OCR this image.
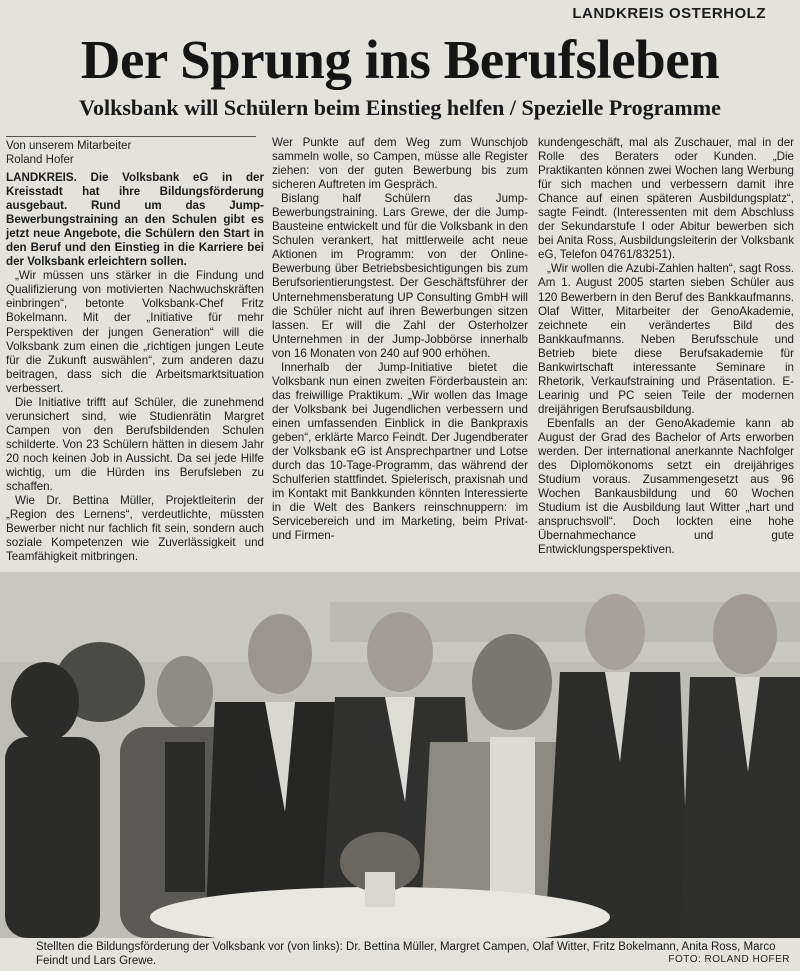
LANDKREIS OSTERHOLZ
Der Sprung ins Berufsleben
Volksbank will Schülern beim Einstieg helfen / Spezielle Programme
Von unserem Mitarbeiter
Roland Hofer

LANDKREIS. Die Volksbank eG in der Kreisstadt hat ihre Bildungsförderung ausgebaut. Rund um das Jump-Bewerbungstraining an den Schulen gibt es jetzt neue Angebote, die Schülern den Start in den Beruf und den Einstieg in die Karriere bei der Volksbank erleichtern sollen.

„Wir müssen uns stärker in die Findung und Qualifizierung von motivierten Nachwuchskräften einbringen“, betonte Volksbank-Chef Fritz Bokelmann. Mit der „Initiative für mehr Perspektiven der jungen Generation“ will die Volksbank zum einen die „richtigen jungen Leute für die Zukunft auswählen“, zum anderen dazu beitragen, dass sich die Arbeitsmarktsituation verbessert.

Die Initiative trifft auf Schüler, die zunehmend verunsichert sind, wie Studienrätin Margret Campen von den Berufsbildenden Schulen schilderte. Von 23 Schülern hätten in diesem Jahr 20 noch keinen Job in Aussicht. Da sei jede Hilfe wichtig, um die Hürden ins Berufsleben zu schaffen.

Wie Dr. Bettina Müller, Projektleiterin der „Region des Lernens“, verdeutlichte, müssten Bewerber nicht nur fachlich fit sein, sondern auch soziale Kompetenzen wie Zuverlässigkeit und Teamfähigkeit mitbringen.

Wer Punkte auf dem Weg zum Wunschjob sammeln wolle, so Campen, müsse alle Register ziehen: von der guten Bewerbung bis zum sicheren Auftreten im Gespräch.

Bislang half Schülern das Jump-Bewerbungstraining. Lars Grewe, der die Jump-Bausteine entwickelt und für die Volksbank in den Schulen verankert, hat mittlerweile acht neue Aktionen im Programm: von der Online-Bewerbung über Betriebsbesichtigungen bis zum Berufsorientierungstest. Der Geschäftsführer der Unternehmensberatung UP Consulting GmbH will die Schüler nicht auf ihren Bewerbungen sitzen lassen. Er will die Zahl der Osterholzer Unternehmen in der Jump-Jobbörse innerhalb von 16 Monaten von 240 auf 900 erhöhen.

Innerhalb der Jump-Initiative bietet die Volksbank nun einen zweiten Förderbaustein an: das freiwillige Praktikum. „Wir wollen das Image der Volksbank bei Jugendlichen verbessern und einen umfassenden Einblick in die Bankpraxis geben“, erklärte Marco Feindt. Der Jugendberater der Volksbank eG ist Ansprechpartner und Lotse durch das 10-Tage-Programm, das während der Schulferien stattfindet. Spielerisch, praxisnah und im Kontakt mit Bankkunden könnten Interessierte in die Welt des Bankers reinschnuppern: im Servicebereich und im Marketing, beim Privat- und Firmen-

kundengeschäft, mal als Zuschauer, mal in der Rolle des Beraters oder Kunden. „Die Praktikanten können zwei Wochen lang Werbung für sich machen und verbessern damit ihre Chance auf einen späteren Ausbildungsplatz“, sagte Feindt. (Interessenten mit dem Abschluss der Sekundarstufe I oder Abitur bewerben sich bei Anita Ross, Ausbildungsleiterin der Volksbank eG, Telefon 04761/83251).

„Wir wollen die Azubi-Zahlen halten“, sagt Ross. Am 1. August 2005 starten sieben Schüler aus 120 Bewerbern in den Beruf des Bankkaufmanns. Olaf Witter, Mitarbeiter der GenoAkademie, zeichnete ein verändertes Bild des Bankkaufmanns. Neben Berufsschule und Betrieb biete diese Berufsakademie für Bankwirtschaft interessante Seminare in Rhetorik, Verkaufstraining und Präsentation. E-Learinig und PC seien Teile der modernen dreijährigen Berufsausbildung.

Ebenfalls an der GenoAkademie kann ab August der Grad des Bachelor of Arts erworben werden. Der international anerkannte Nachfolger des Diplomökonoms setzt ein dreijähriges Studium voraus. Zusammengesetzt aus 96 Wochen Bankausbildung und 60 Wochen Studium ist die Ausbildung laut Witter „hart und anspruchsvoll“. Doch lockten eine hohe Übernahmechance und gute Entwicklungsperspektiven.

Stellten die Bildungsförderung der Volksbank vor (von links): Dr. Bettina Müller, Margret Campen, Olaf Witter, Fritz Bokelmann, Anita Ross, Marco Feindt und Lars Grewe.	FOTO: ROLAND HOFER
